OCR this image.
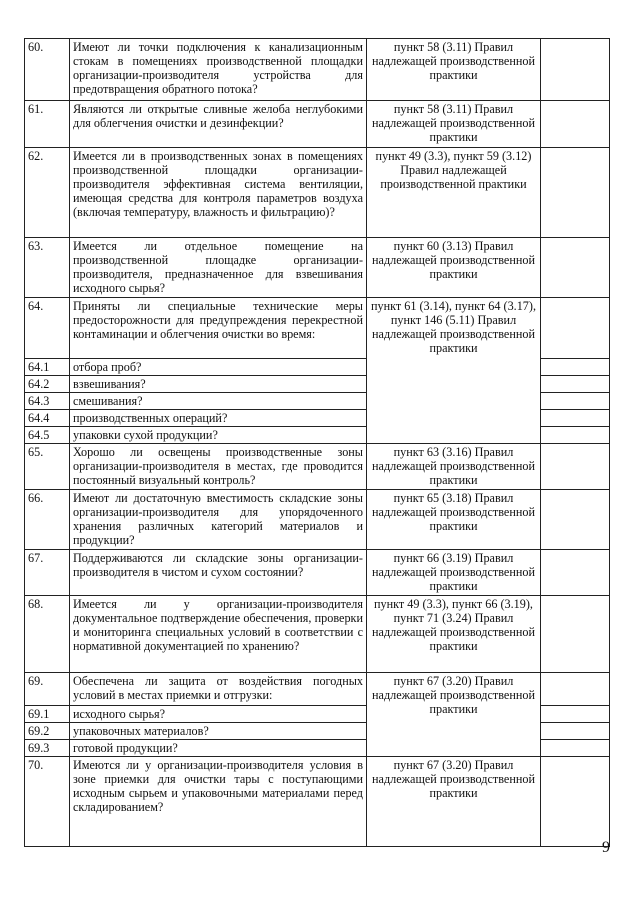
60.	Имеют ли точки подключения к канализационным стокам в помещениях производственной площадки организации-производителя устройства для предотвращения обратного потока?	пункт 58 (3.11) Правил надлежащей производственной практики	
61.	Являются ли открытые сливные желоба неглубокими для облегчения очистки и дезинфекции?	пункт 58 (3.11) Правил надлежащей производственной практики	
62.	Имеется ли в производственных зонах в помещениях производственной площадки организации-производителя эффективная система вентиляции, имеющая средства для контроля параметров воздуха (включая температуру, влажность и фильтрацию)?	пункт 49 (3.3), пункт 59 (3.12) Правил надлежащей производственной практики	
63.	Имеется ли отдельное помещение на производственной площадке организации-производителя, предназначенное для взвешивания исходного сырья?	пункт 60 (3.13) Правил надлежащей производственной практики	
64.	Приняты ли специальные технические меры предосторожности для предупреждения перекрестной контаминации и облегчения очистки во время:	пункт 61 (3.14), пункт 64 (3.17), пункт 146 (5.11) Правил надлежащей производственной практики	
64.1	отбора проб?		
64.2	взвешивания?		
64.3	смешивания?		
64.4	производственных операций?		
64.5	упаковки сухой продукции?		
65.	Хорошо ли освещены производственные зоны организации-производителя в местах, где проводится постоянный визуальный контроль?	пункт 63 (3.16) Правил надлежащей производственной практики	
66.	Имеют ли достаточную вместимость складские зоны организации-производителя для упорядоченного хранения различных категорий материалов и продукции?	пункт 65 (3.18) Правил надлежащей производственной практики	
67.	Поддерживаются ли складские зоны организации-производителя в чистом и сухом состоянии?	пункт 66 (3.19) Правил надлежащей производственной практики	
68.	Имеется ли у организации-производителя документальное подтверждение обеспечения, проверки и мониторинга специальных условий в соответствии с нормативной документацией по хранению?	пункт 49 (3.3), пункт 66 (3.19), пункт 71 (3.24) Правил надлежащей производственной практики	
69.	Обеспечена ли защита от воздействия погодных условий в местах приемки и отгрузки:	пункт 67 (3.20) Правил надлежащей производственной практики	
69.1	исходного сырья?		
69.2	упаковочных материалов?		
69.3	готовой продукции?		
70.	Имеются ли у организации-производителя условия в зоне приемки для очистки тары с поступающими исходным сырьем и упаковочными материалами перед складированием?	пункт 67 (3.20) Правил надлежащей производственной практики	
9
